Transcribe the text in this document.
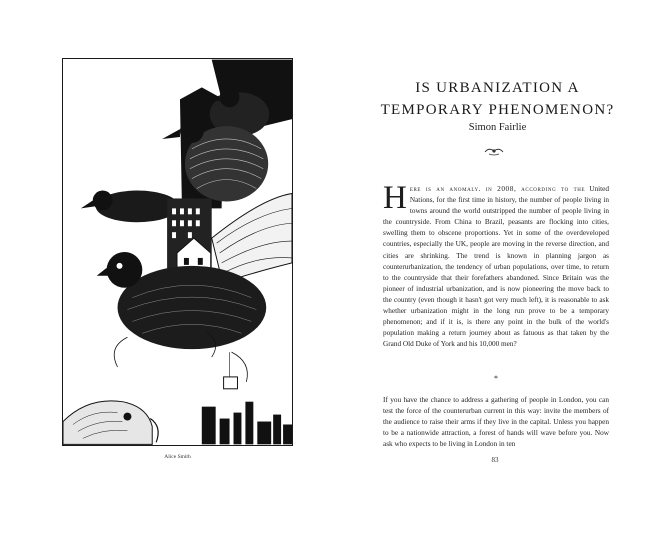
Alice Smith
IS URBANIZATION A
TEMPORARY PHENOMENON?
Simon Fairlie

Here is an anomaly. in 2008, according to the United Nations, for the first time in history, the number of people living in towns around the world outstripped the number of people living in the countryside. From China to Brazil, peasants are flocking into cities, swelling them to obscene proportions. Yet in some of the overdeveloped countries, especially the UK, people are moving in the reverse direction, and cities are shrinking. The trend is known in planning jargon as counterurbanization, the tendency of urban populations, over time, to return to the countryside that their forefathers abandoned. Since Britain was the pioneer of industrial urbanization, and is now pioneering the move back to the country (even though it hasn't got very much left), it is reasonable to ask whether urbanization might in the long run prove to be a temporary phenomenon; and if it is, is there any point in the bulk of the world's population making a return journey about as fatuous as that taken by the Grand Old Duke of York and his 10,000 men?

*

If you have the chance to address a gathering of people in London, you can test the force of the counterurban current in this way: invite the members of the audience to raise their arms if they live in the capital. Unless you happen to be a nationwide attraction, a forest of hands will wave before you. Now ask who expects to be living in London in ten

83
